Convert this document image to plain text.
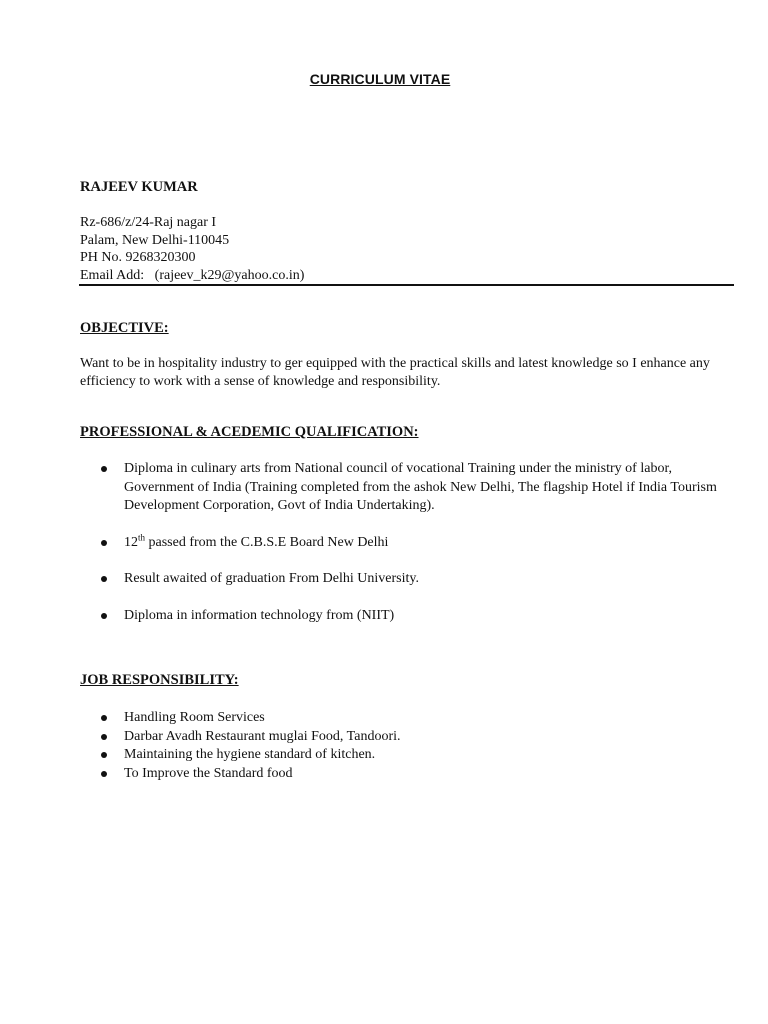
CURRICULUM VITAE
RAJEEV KUMAR
Rz-686/z/24-Raj nagar I
Palam, New Delhi-110045
PH No. 9268320300
Email Add:   (rajeev_k29@yahoo.co.in)
OBJECTIVE:
Want to be in hospitality industry to ger equipped with the practical skills and latest knowledge so I enhance any efficiency to work with a sense of knowledge and responsibility.
PROFESSIONAL & ACEDEMIC QUALIFICATION:
Diploma in culinary arts from National council of vocational Training under the ministry of labor, Government of India (Training completed from the ashok New Delhi, The flagship Hotel if India Tourism Development Corporation, Govt of India Undertaking).
12th passed from the C.B.S.E Board New Delhi
Result awaited of graduation From Delhi University.
Diploma in information technology from (NIIT)
JOB RESPONSIBILITY:
Handling Room Services
Darbar Avadh Restaurant muglai Food, Tandoori.
Maintaining the hygiene standard of kitchen.
To Improve the Standard food
